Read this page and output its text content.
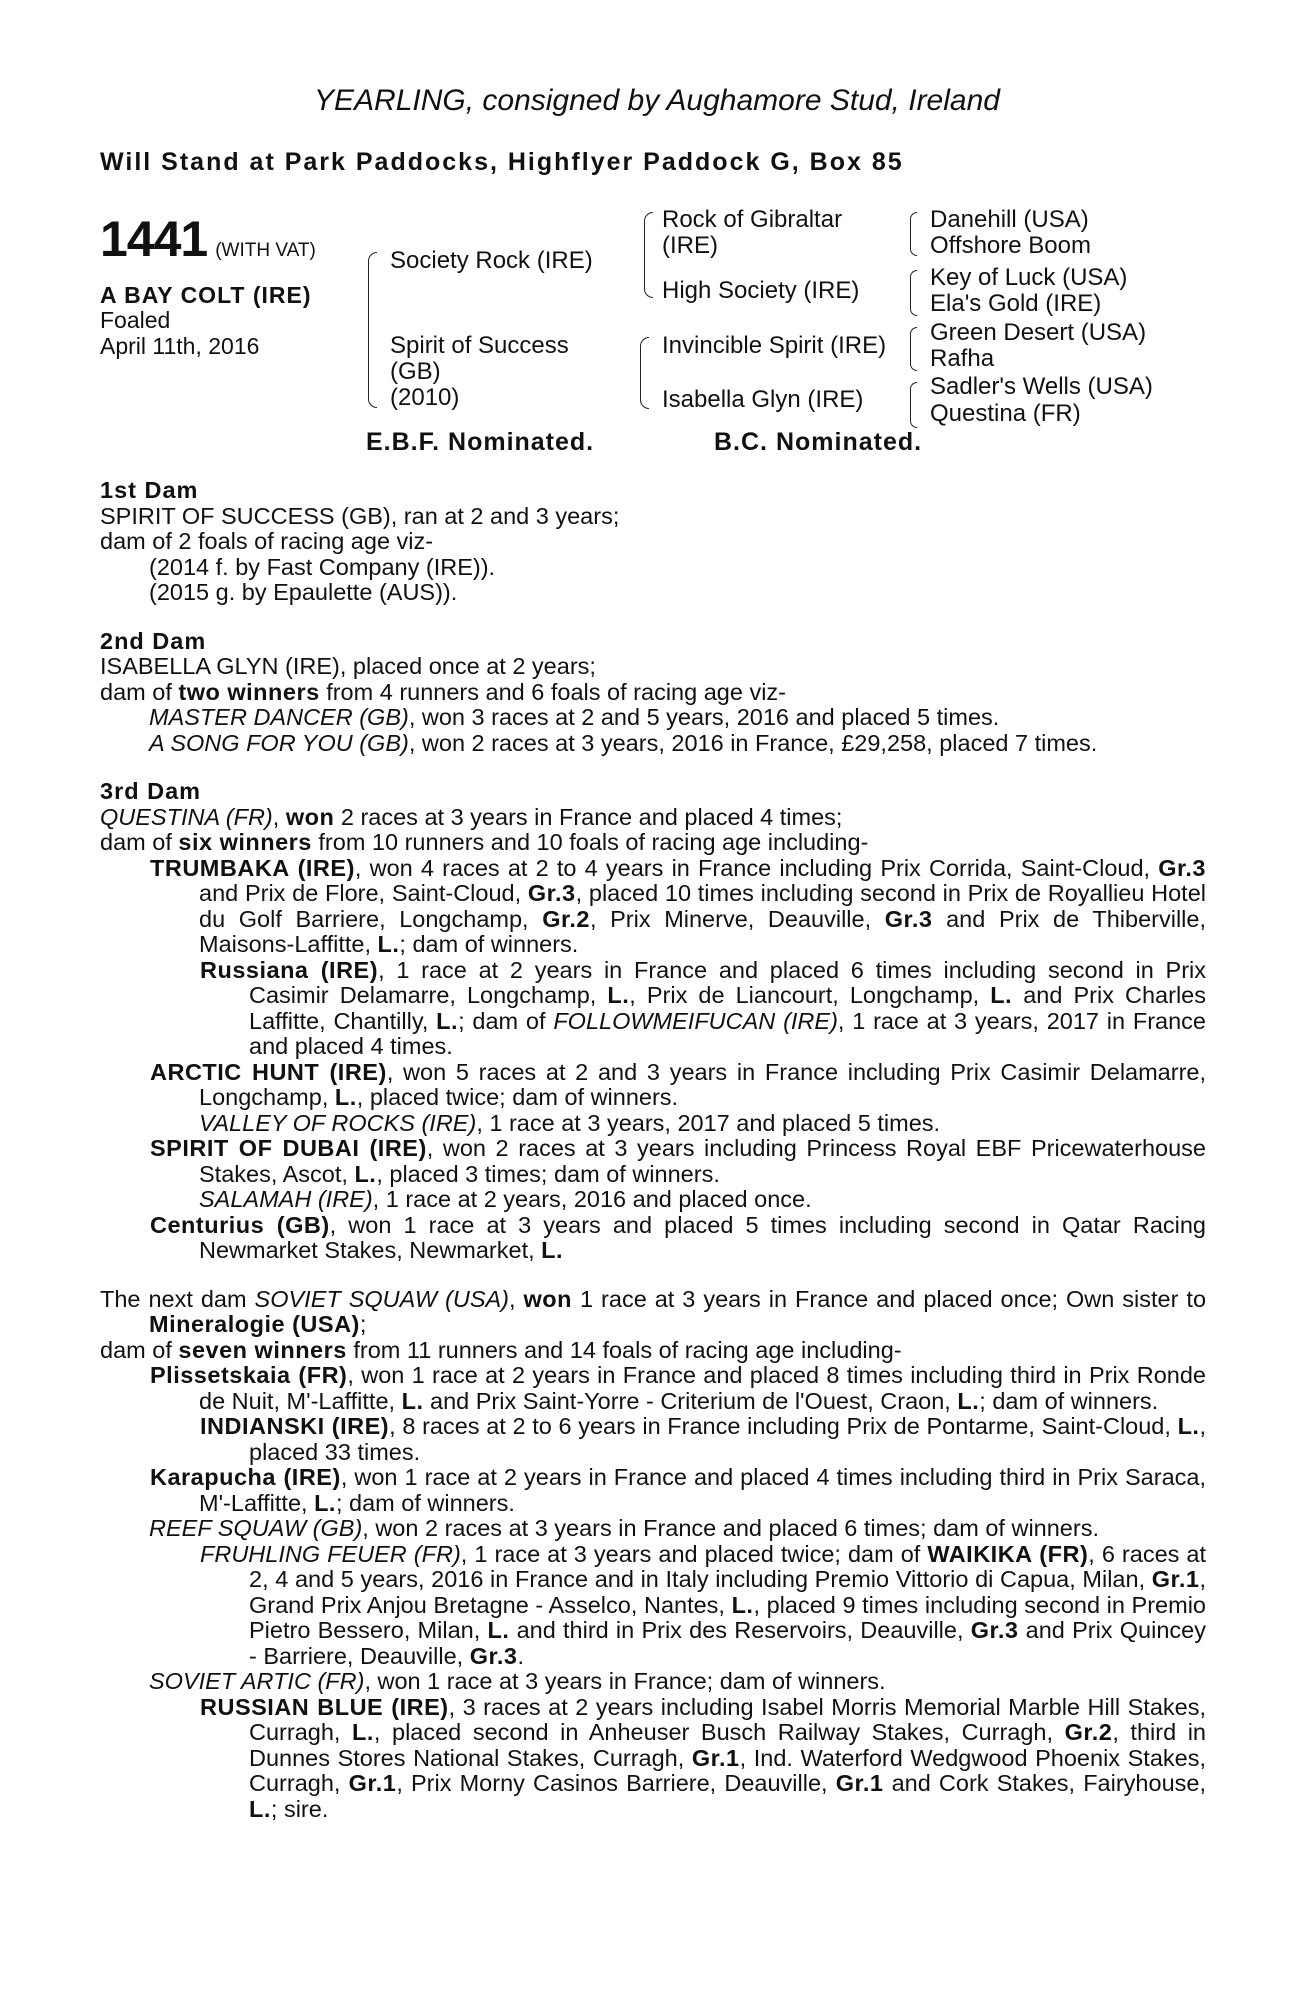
YEARLING, consigned by Aughamore Stud, Ireland
Will Stand at Park Paddocks, Highflyer Paddock G, Box 85
1441 (WITH VAT)
A BAY COLT (IRE)
Foaled
April 11th, 2016
Society Rock (IRE)
Spirit of Success
(GB)
(2010)
Rock of Gibraltar
(IRE)
High Society (IRE)
Invincible Spirit (IRE)
Isabella Glyn (IRE)
Danehill (USA)
Offshore Boom
Key of Luck (USA)
Ela's Gold (IRE)
Green Desert (USA)
Rafha
Sadler's Wells (USA)
Questina (FR)
E.B.F. Nominated.	B.C. Nominated.
1st Dam
SPIRIT OF SUCCESS (GB), ran at 2 and 3 years;
dam of 2 foals of racing age viz-
(2014 f. by Fast Company (IRE)).
(2015 g. by Epaulette (AUS)).
2nd Dam
ISABELLA GLYN (IRE), placed once at 2 years;
dam of two winners from 4 runners and 6 foals of racing age viz-
MASTER DANCER (GB), won 3 races at 2 and 5 years, 2016 and placed 5 times.
A SONG FOR YOU (GB), won 2 races at 3 years, 2016 in France, £29,258, placed 7 times.
3rd Dam
QUESTINA (FR), won 2 races at 3 years in France and placed 4 times;
dam of six winners from 10 runners and 10 foals of racing age including-

TRUMBAKA (IRE), won 4 races at 2 to 4 years in France including Prix Corrida, Saint-Cloud, Gr.3 and Prix de Flore, Saint-Cloud, Gr.3, placed 10 times including second in Prix de Royallieu Hotel du Golf Barriere, Longchamp, Gr.2, Prix Minerve, Deauville, Gr.3 and Prix de Thiberville, Maisons-Laffitte, L.; dam of winners.

Russiana (IRE), 1 race at 2 years in France and placed 6 times including second in Prix Casimir Delamarre, Longchamp, L., Prix de Liancourt, Longchamp, L. and Prix Charles Laffitte, Chantilly, L.; dam of FOLLOWMEIFUCAN (IRE), 1 race at 3 years, 2017 in France and placed 4 times.

ARCTIC HUNT (IRE), won 5 races at 2 and 3 years in France including Prix Casimir Delamarre, Longchamp, L., placed twice; dam of winners.

VALLEY OF ROCKS (IRE), 1 race at 3 years, 2017 and placed 5 times.

SPIRIT OF DUBAI (IRE), won 2 races at 3 years including Princess Royal EBF Pricewaterhouse Stakes, Ascot, L., placed 3 times; dam of winners.

SALAMAH (IRE), 1 race at 2 years, 2016 and placed once.

Centurius (GB), won 1 race at 3 years and placed 5 times including second in Qatar Racing Newmarket Stakes, Newmarket, L.

The next dam SOVIET SQUAW (USA), won 1 race at 3 years in France and placed once; Own sister to Mineralogie (USA);

dam of seven winners from 11 runners and 14 foals of racing age including-

Plissetskaia (FR), won 1 race at 2 years in France and placed 8 times including third in Prix Ronde de Nuit, M'-Laffitte, L. and Prix Saint-Yorre - Criterium de l'Ouest, Craon, L.; dam of winners.

INDIANSKI (IRE), 8 races at 2 to 6 years in France including Prix de Pontarme, Saint-Cloud, L., placed 33 times.

Karapucha (IRE), won 1 race at 2 years in France and placed 4 times including third in Prix Saraca, M'-Laffitte, L.; dam of winners.

REEF SQUAW (GB), won 2 races at 3 years in France and placed 6 times; dam of winners.

FRUHLING FEUER (FR), 1 race at 3 years and placed twice; dam of WAIKIKA (FR), 6 races at 2, 4 and 5 years, 2016 in France and in Italy including Premio Vittorio di Capua, Milan, Gr.1, Grand Prix Anjou Bretagne - Asselco, Nantes, L., placed 9 times including second in Premio Pietro Bessero, Milan, L. and third in Prix des Reservoirs, Deauville, Gr.3 and Prix Quincey - Barriere, Deauville, Gr.3.

SOVIET ARTIC (FR), won 1 race at 3 years in France; dam of winners.

RUSSIAN BLUE (IRE), 3 races at 2 years including Isabel Morris Memorial Marble Hill Stakes, Curragh, L., placed second in Anheuser Busch Railway Stakes, Curragh, Gr.2, third in Dunnes Stores National Stakes, Curragh, Gr.1, Ind. Waterford Wedgwood Phoenix Stakes, Curragh, Gr.1, Prix Morny Casinos Barriere, Deauville, Gr.1 and Cork Stakes, Fairyhouse, L.; sire.
